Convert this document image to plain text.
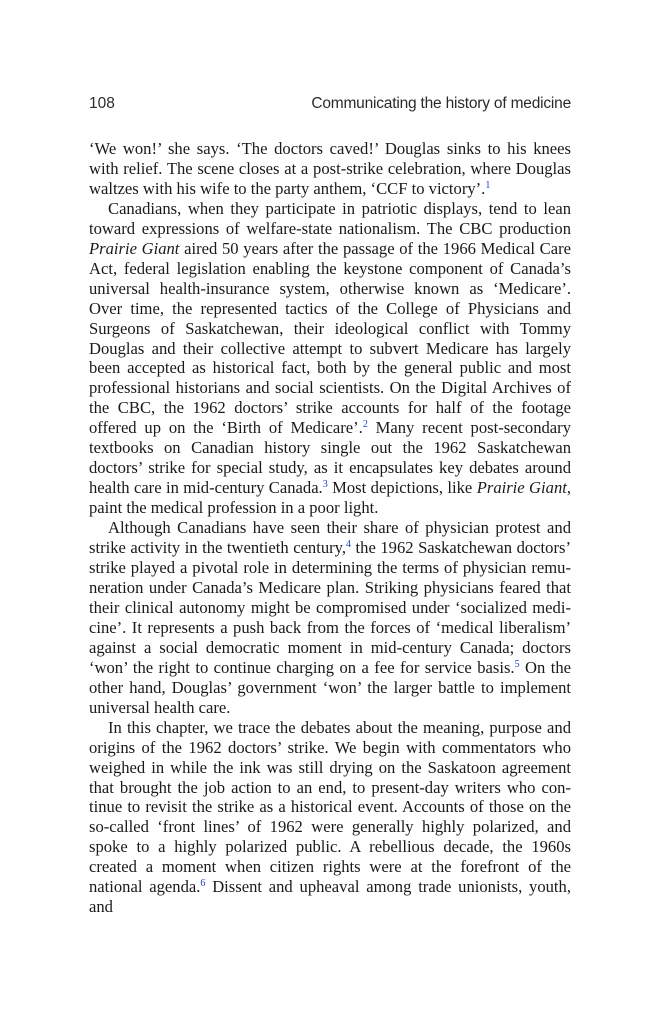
108	Communicating the history of medicine

‘We won!’ she says. ‘The doctors caved!’ Douglas sinks to his knees with relief. The scene closes at a post-strike celebration, where Douglas waltzes with his wife to the party anthem, ‘CCF to victory’.$^1$

Canadians, when they participate in patriotic displays, tend to lean toward expressions of welfare-state nationalism. The CBC production Prairie Giant aired 50 years after the passage of the 1966 Medical Care Act, federal legislation enabling the keystone component of Canada’s universal health-insurance system, otherwise known as ‘Medicare’. Over time, the represented tactics of the College of Physicians and Surgeons of Saskatchewan, their ideological conflict with Tommy Douglas and their collective attempt to subvert Medicare has largely been accepted as historical fact, both by the general public and most professional historians and social scientists. On the Digital Archives of the CBC, the 1962 doctors’ strike accounts for half of the footage offered up on the ‘Birth of Medicare’.$^2$ Many recent post-secondary textbooks on Canadian history single out the 1962 Saskatchewan doctors’ strike for special study, as it encapsulates key debates around health care in mid-century Canada.$^3$ Most depictions, like Prairie Giant, paint the medical profession in a poor light.

Although Canadians have seen their share of physician protest and strike activity in the twentieth century,$^4$ the 1962 Saskatchewan doctors’ strike played a pivotal role in determining the terms of physician remuneration under Canada’s Medicare plan. Striking physicians feared that their clinical autonomy might be compromised under ‘socialized medicine’. It represents a push back from the forces of ‘medical liberalism’ against a social democratic moment in mid-century Canada; doctors ‘won’ the right to continue charging on a fee for service basis.$^5$ On the other hand, Douglas’ government ‘won’ the larger battle to implement universal health care.

In this chapter, we trace the debates about the meaning, purpose and origins of the 1962 doctors’ strike. We begin with commentators who weighed in while the ink was still drying on the Saskatoon agreement that brought the job action to an end, to present-day writers who continue to revisit the strike as a historical event. Accounts of those on the so-called ‘front lines’ of 1962 were generally highly polarized, and spoke to a highly polarized public. A rebellious decade, the 1960s created a moment when citizen rights were at the forefront of the national agenda.$^6$ Dissent and upheaval among trade unionists, youth, and
